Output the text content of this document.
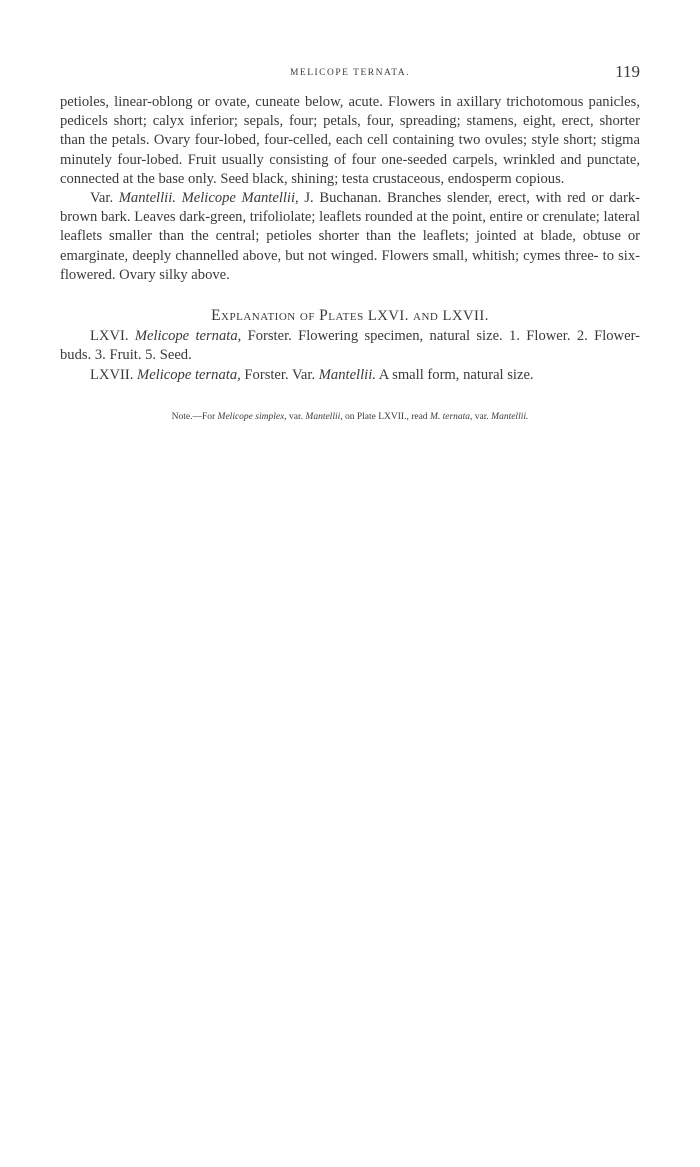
MELICOPE TERNATA.	119

petioles, linear-oblong or ovate, cuneate below, acute. Flowers in axillary trichotomous panicles, pedicels short; calyx inferior; sepals, four; petals, four, spreading; stamens, eight, erect, shorter than the petals. Ovary four-lobed, four-celled, each cell containing two ovules; style short; stigma minutely four-lobed. Fruit usually consisting of four one-seeded carpels, wrinkled and punctate, connected at the base only. Seed black, shining; testa crustaceous, endosperm copious.

Var. Mantellii. Melicope Mantellii, J. Buchanan. Branches slender, erect, with red or dark-brown bark. Leaves dark-green, trifoliolate; leaflets rounded at the point, entire or crenulate; lateral leaflets smaller than the central; petioles shorter than the leaflets; jointed at blade, obtuse or emarginate, deeply channelled above, but not winged. Flowers small, whitish; cymes three- to six-flowered. Ovary silky above.

EXPLANATION OF PLATES LXVI. AND LXVII.

LXVI. Melicope ternata, Forster. Flowering specimen, natural size. 1. Flower. 2. Flower-buds. 3. Fruit. 5. Seed.

LXVII. Melicope ternata, Forster. Var. Mantellii. A small form, natural size.

Note.—For Melicope simplex, var. Mantellii, on Plate LXVII., read M. ternata, var. Mantellii.
